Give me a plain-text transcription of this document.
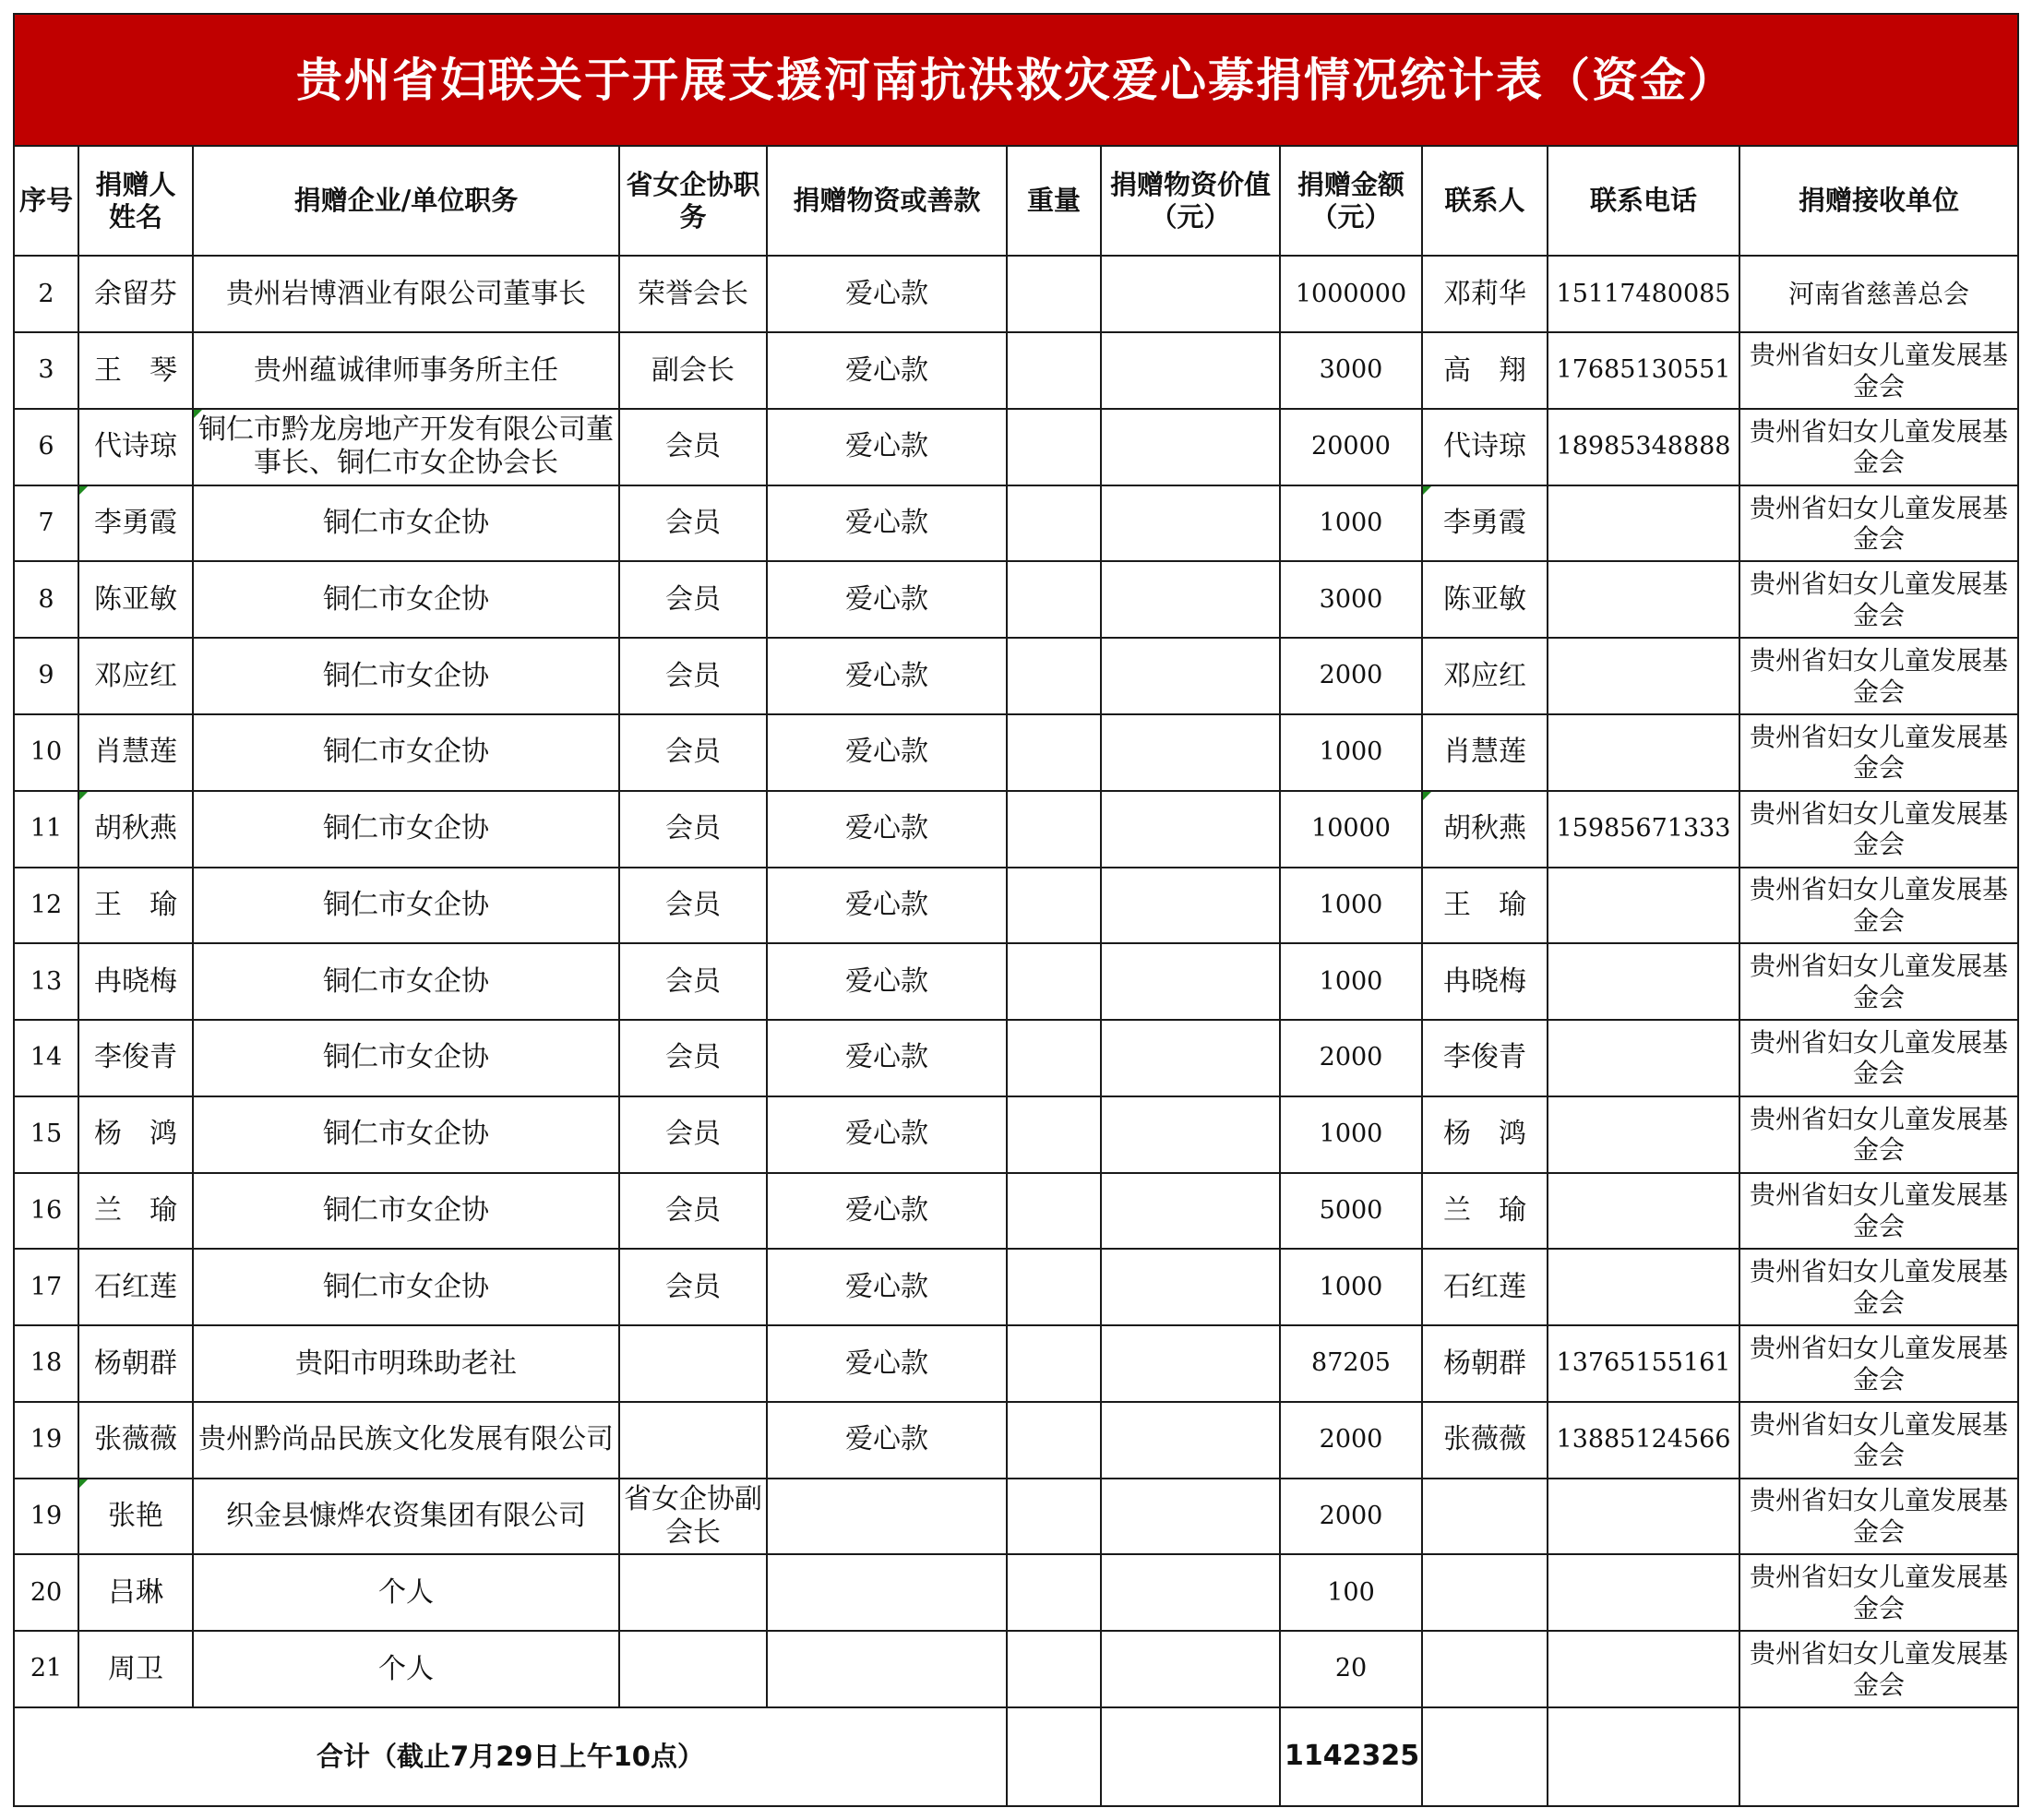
贵州省妇联关于开展支援河南抗洪救灾爱心募捐情况统计表（资金）										
序号	捐赠人姓名	捐赠企业/单位职务	省女企协职务	捐赠物资或善款	重量	捐赠物资价值（元）	捐赠金额（元）	联系人	联系电话	捐赠接收单位
2	余留芬	贵州岩博酒业有限公司董事长	荣誉会长	爱心款			1000000	邓莉华	15117480085	河南省慈善总会
3	王　琴	贵州蕴诚律师事务所主任	副会长	爱心款			3000	高　翔	17685130551	贵州省妇女儿童发展基金会
6	代诗琼	铜仁市黔龙房地产开发有限公司董事长、铜仁市女企协会长	会员	爱心款			20000	代诗琼	18985348888	贵州省妇女儿童发展基金会
7	李勇霞	铜仁市女企协	会员	爱心款			1000	李勇霞		贵州省妇女儿童发展基金会
8	陈亚敏	铜仁市女企协	会员	爱心款			3000	陈亚敏		贵州省妇女儿童发展基金会
9	邓应红	铜仁市女企协	会员	爱心款			2000	邓应红		贵州省妇女儿童发展基金会
10	肖慧莲	铜仁市女企协	会员	爱心款			1000	肖慧莲		贵州省妇女儿童发展基金会
11	胡秋燕	铜仁市女企协	会员	爱心款			10000	胡秋燕	15985671333	贵州省妇女儿童发展基金会
12	王　瑜	铜仁市女企协	会员	爱心款			1000	王　瑜		贵州省妇女儿童发展基金会
13	冉晓梅	铜仁市女企协	会员	爱心款			1000	冉晓梅		贵州省妇女儿童发展基金会
14	李俊青	铜仁市女企协	会员	爱心款			2000	李俊青		贵州省妇女儿童发展基金会
15	杨　鸿	铜仁市女企协	会员	爱心款			1000	杨　鸿		贵州省妇女儿童发展基金会
16	兰　瑜	铜仁市女企协	会员	爱心款			5000	兰　瑜		贵州省妇女儿童发展基金会
17	石红莲	铜仁市女企协	会员	爱心款			1000	石红莲		贵州省妇女儿童发展基金会
18	杨朝群	贵阳市明珠助老社		爱心款			87205	杨朝群	13765155161	贵州省妇女儿童发展基金会
19	张薇薇	贵州黔尚品民族文化发展有限公司		爱心款			2000	张薇薇	13885124566	贵州省妇女儿童发展基金会
19	张艳	织金县慷烨农资集团有限公司	省女企协副会长				2000			贵州省妇女儿童发展基金会
20	吕琳	个人					100			贵州省妇女儿童发展基金会
21	周卫	个人					20			贵州省妇女儿童发展基金会
合计（截止7月29日上午10点）							1142325			
